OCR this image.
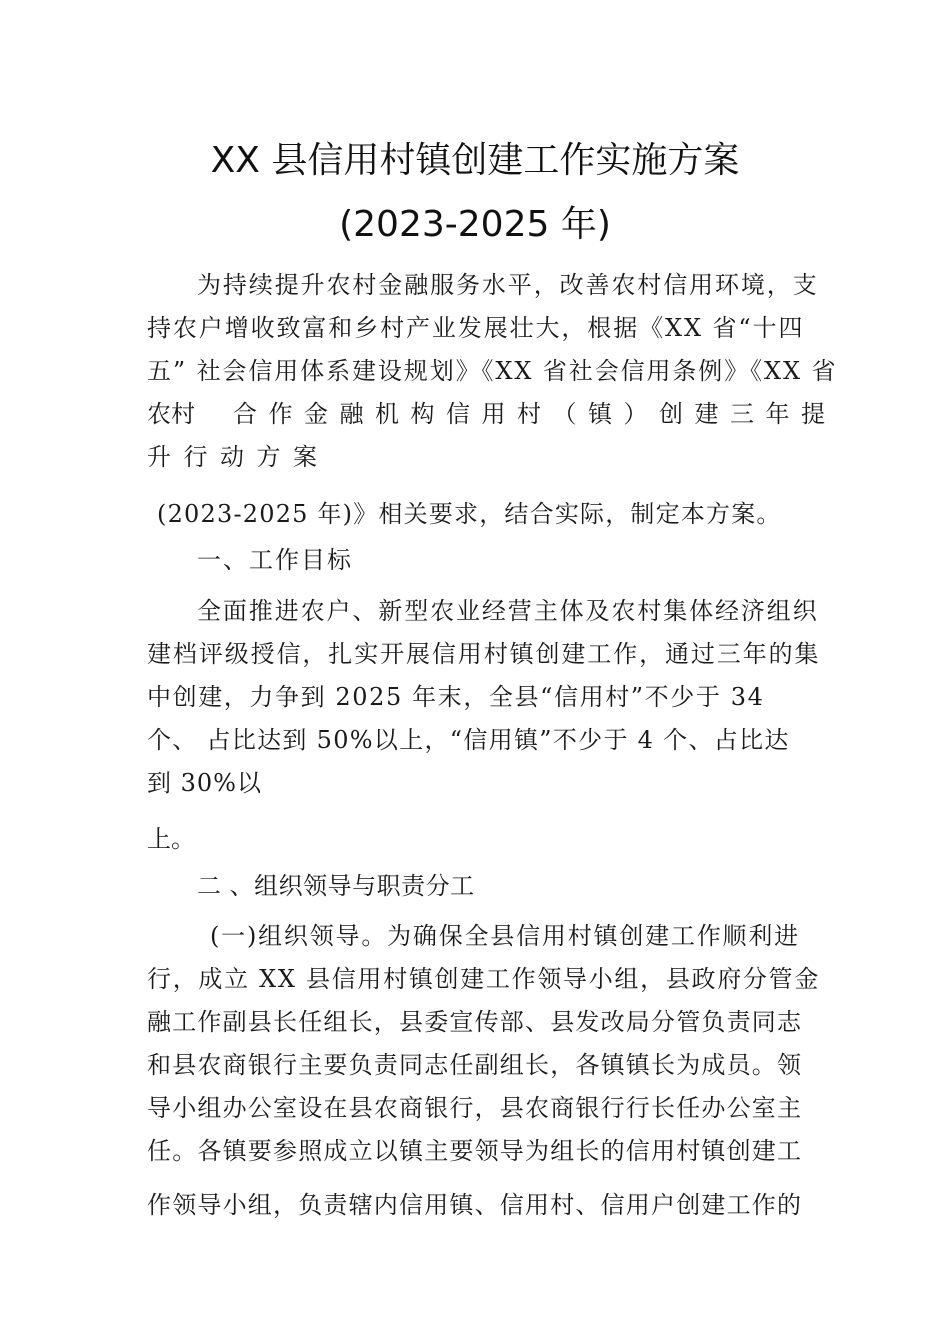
XX 县信用村镇创建工作实施方案
(2023-2025 年)
为持续提升农村金融服务水平，改善农村信用环境，支
持农户增收致富和乡村产业发展壮大，根据《XX 省“十四
五” 社会信用体系建设规划》《XX 省社会信用条例》《XX 省
农村 合 作 金 融 机 构 信 用 村 （ 镇 ） 创 建 三 年 提
升 行 动 方 案
(2023-2025 年)》相关要求，结合实际，制定本方案。
一、工作目标
全面推进农户、新型农业经营主体及农村集体经济组织
建档评级授信，扎实开展信用村镇创建工作，通过三年的集
中创建，力争到 2025 年末，全县“信用村”不少于 34
个、 占比达到 50%以上，“信用镇”不少于 4 个、占比达
到 30%以
上。
二 、组织领导与职责分工
(一)组织领导。为确保全县信用村镇创建工作顺利进
行，成立 XX 县信用村镇创建工作领导小组，县政府分管金
融工作副县长任组长，县委宣传部、县发改局分管负责同志
和县农商银行主要负责同志任副组长，各镇镇长为成员。领
导小组办公室设在县农商银行，县农商银行行长任办公室主
任。各镇要参照成立以镇主要领导为组长的信用村镇创建工
作领导小组，负责辖内信用镇、信用村、信用户创建工作的
